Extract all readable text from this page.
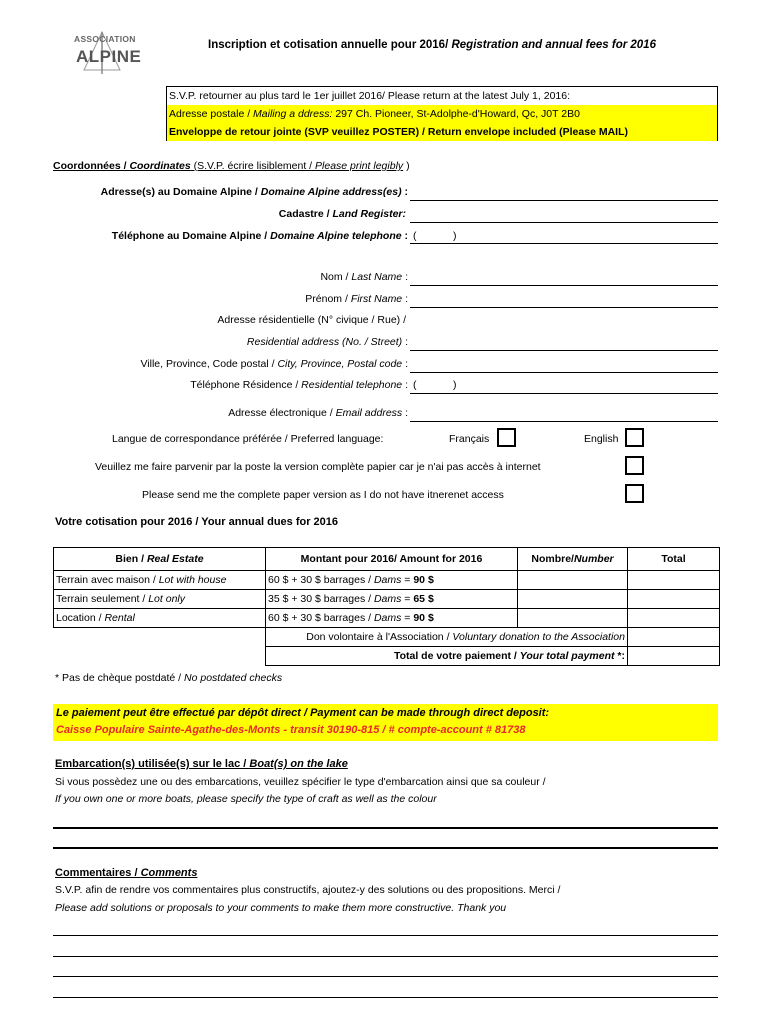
ASSOCIATION
ALPINE
Inscription et cotisation annuelle pour 2016/ Registration and annual fees for 2016
S.V.P. retourner au plus tard le 1er juillet 2016/ Please return at the latest July 1, 2016:
Adresse postale / Mailing a ddress: 297 Ch. Pioneer, St-Adolphe-d'Howard, Qc, J0T 2B0
Enveloppe de retour jointe (SVP veuillez POSTER) / Return envelope included (Please MAIL)
Coordonnées / Coordinates (S.V.P. écrire lisiblement / Please print legibly )
Adresse(s) au Domaine Alpine / Domaine Alpine address(es) :
Cadastre / Land Register:
Téléphone au Domaine Alpine / Domaine Alpine telephone : (	)
Nom / Last Name :
Prénom / First Name :
Adresse résidentielle (N° civique / Rue) /
Residential address (No. / Street) :
Ville, Province, Code postal / City, Province, Postal code :
Téléphone Résidence / Residential telephone : (	)
Adresse électronique / Email address :
Langue de correspondance préférée / Preferred language:	Français	English
Veuillez me faire parvenir par la poste la version complète papier car je n'ai pas accès à internet
Please send me the complete paper version as I do not have itnerenet access
Votre cotisation pour 2016 / Your annual dues for 2016
Bien / Real Estate	Montant pour 2016/ Amount for 2016	Nombre/Number	Total
Terrain avec maison / Lot with house	60 $ + 30 $ barrages / Dams = 90 $		
Terrain seulement / Lot only	35 $ + 30 $ barrages / Dams = 65 $		
Location / Rental	60 $ + 30 $ barrages / Dams = 90 $		
	Don volontaire à l'Association / Voluntary donation to the Association		
	Total de votre paiement / Your total payment *:		
* Pas de chèque postdaté / No postdated checks
Le paiement peut être effectué par dépôt direct / Payment can be made through direct deposit:
Caisse Populaire Sainte-Agathe-des-Monts - transit 30190-815 / # compte-account # 81738
Embarcation(s) utilisée(s) sur le lac / Boat(s) on the lake
Si vous possèdez une ou des embarcations, veuillez spécifier le type d'embarcation ainsi que sa couleur /
If you own one or more boats, please specify the type of craft as well as the colour
Commentaires / Comments
S.V.P. afin de rendre vos commentaires plus constructifs, ajoutez-y des solutions ou des propositions. Merci /
Please add solutions or proposals to your comments to make them more constructive. Thank you
